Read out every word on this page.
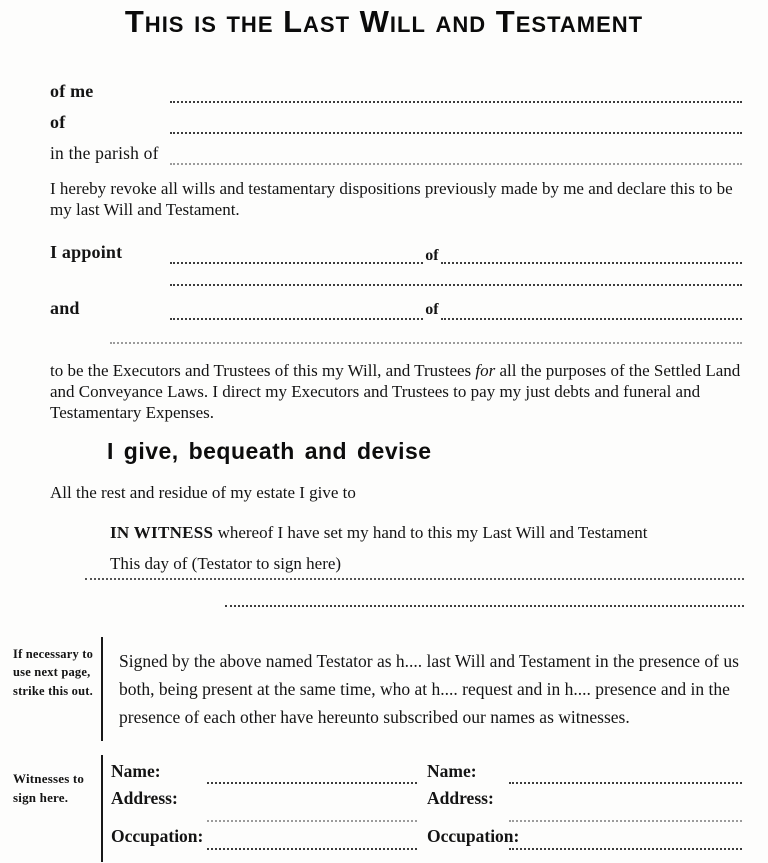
This is the Last Will and Testament
of me
of
in the parish of
I hereby revoke all wills and testamentary dispositions previously made by me and declare this to be my last Will and Testament.
I appoint	of
and	of
to be the Executors and Trustees of this my Will, and Trustees for all the purposes of the Settled Land and Conveyance Laws. I direct my Executors and Trustees to pay my just debts and funeral and Testamentary Expenses.
I give, bequeath and devise
All the rest and residue of my estate I give to
IN WITNESS whereof I have set my hand to this my Last Will and Testament
This day of (Testator to sign here)
If necessary to use next page, strike this out.
Signed by the above named Testator as h.... last Will and Testament in the presence of us both, being present at the same time, who at h.... request and in h.... presence and in the presence of each other have hereunto subscribed our names as witnesses.
Witnesses to sign here.
Name:	Name:
Address:	Address:
Occupation:	Occupation:
